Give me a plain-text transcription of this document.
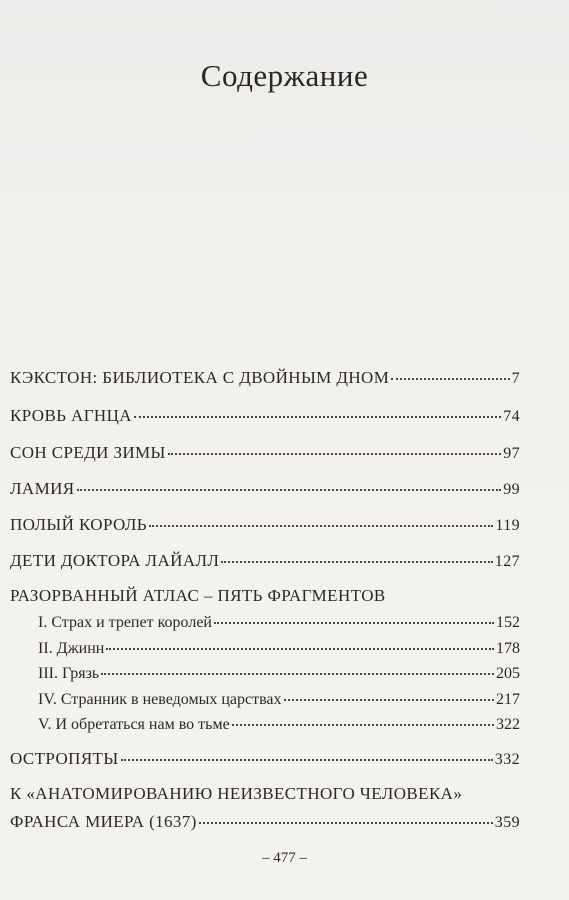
Содержание
КЭКСТОН: БИБЛИОТЕКА С ДВОЙНЫМ ДНОМ	7
КРОВЬ АГНЦА	74
СОН СРЕДИ ЗИМЫ	97
ЛАМИЯ	99
ПОЛЫЙ КОРОЛЬ	119
ДЕТИ ДОКТОРА ЛАЙАЛЛ	127
РАЗОРВАННЫЙ АТЛАС – ПЯТЬ ФРАГМЕНТОВ
I. Страх и трепет королей	152
II. Джинн	178
III. Грязь	205
IV. Странник в неведомых царствах	217
V. И обретаться нам во тьме	322
ОСТРОПЯТЫ	332
К «АНАТОМИРОВАНИЮ НЕИЗВЕСТНОГО ЧЕЛОВЕКА»
ФРАНСА МИЕРА (1637)	359
– 477 –
